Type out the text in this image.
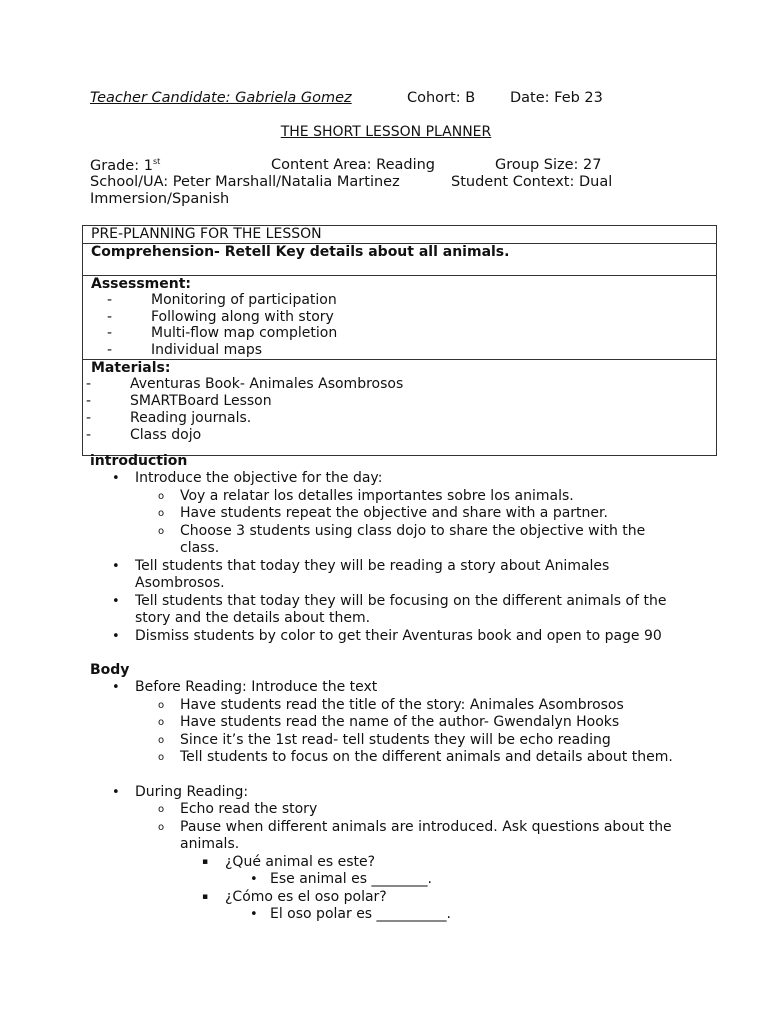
Teacher Candidate: Gabriela Gomez	Cohort: B Date: Feb 23
THE SHORT LESSON PLANNER
Grade: 1st	Content Area: Reading	Group Size: 27
School/UA: Peter Marshall/Natalia Martinez	Student Context: Dual
Immersion/Spanish
PRE-PLANNING FOR THE LESSON
Comprehension- Retell Key details about all animals.
Assessment:
- Monitoring of participation
- Following along with story
- Multi-flow map completion
- Individual maps
Materials:
- Aventuras Book- Animales Asombrosos
- SMARTBoard Lesson
- Reading journals.
- Class dojo
introduction
• Introduce the objective for the day:
o Voy a relatar los detalles importantes sobre los animals.
o Have students repeat the objective and share with a partner.
o Choose 3 students using class dojo to share the objective with the
class.
• Tell students that today they will be reading a story about Animales
Asombrosos.
• Tell students that today they will be focusing on the different animals of the
story and the details about them.
• Dismiss students by color to get their Aventuras book and open to page 90
Body
• Before Reading: Introduce the text
o Have students read the title of the story: Animales Asombrosos
o Have students read the name of the author- Gwendalyn Hooks
o Since it’s the 1st read- tell students they will be echo reading
o Tell students to focus on the different animals and details about them.
• During Reading:
o Echo read the story
o Pause when different animals are introduced. Ask questions about the
animals.
▪ ¿Qué animal es este?
• Ese animal es ________.
▪ ¿Cómo es el oso polar?
• El oso polar es __________.
